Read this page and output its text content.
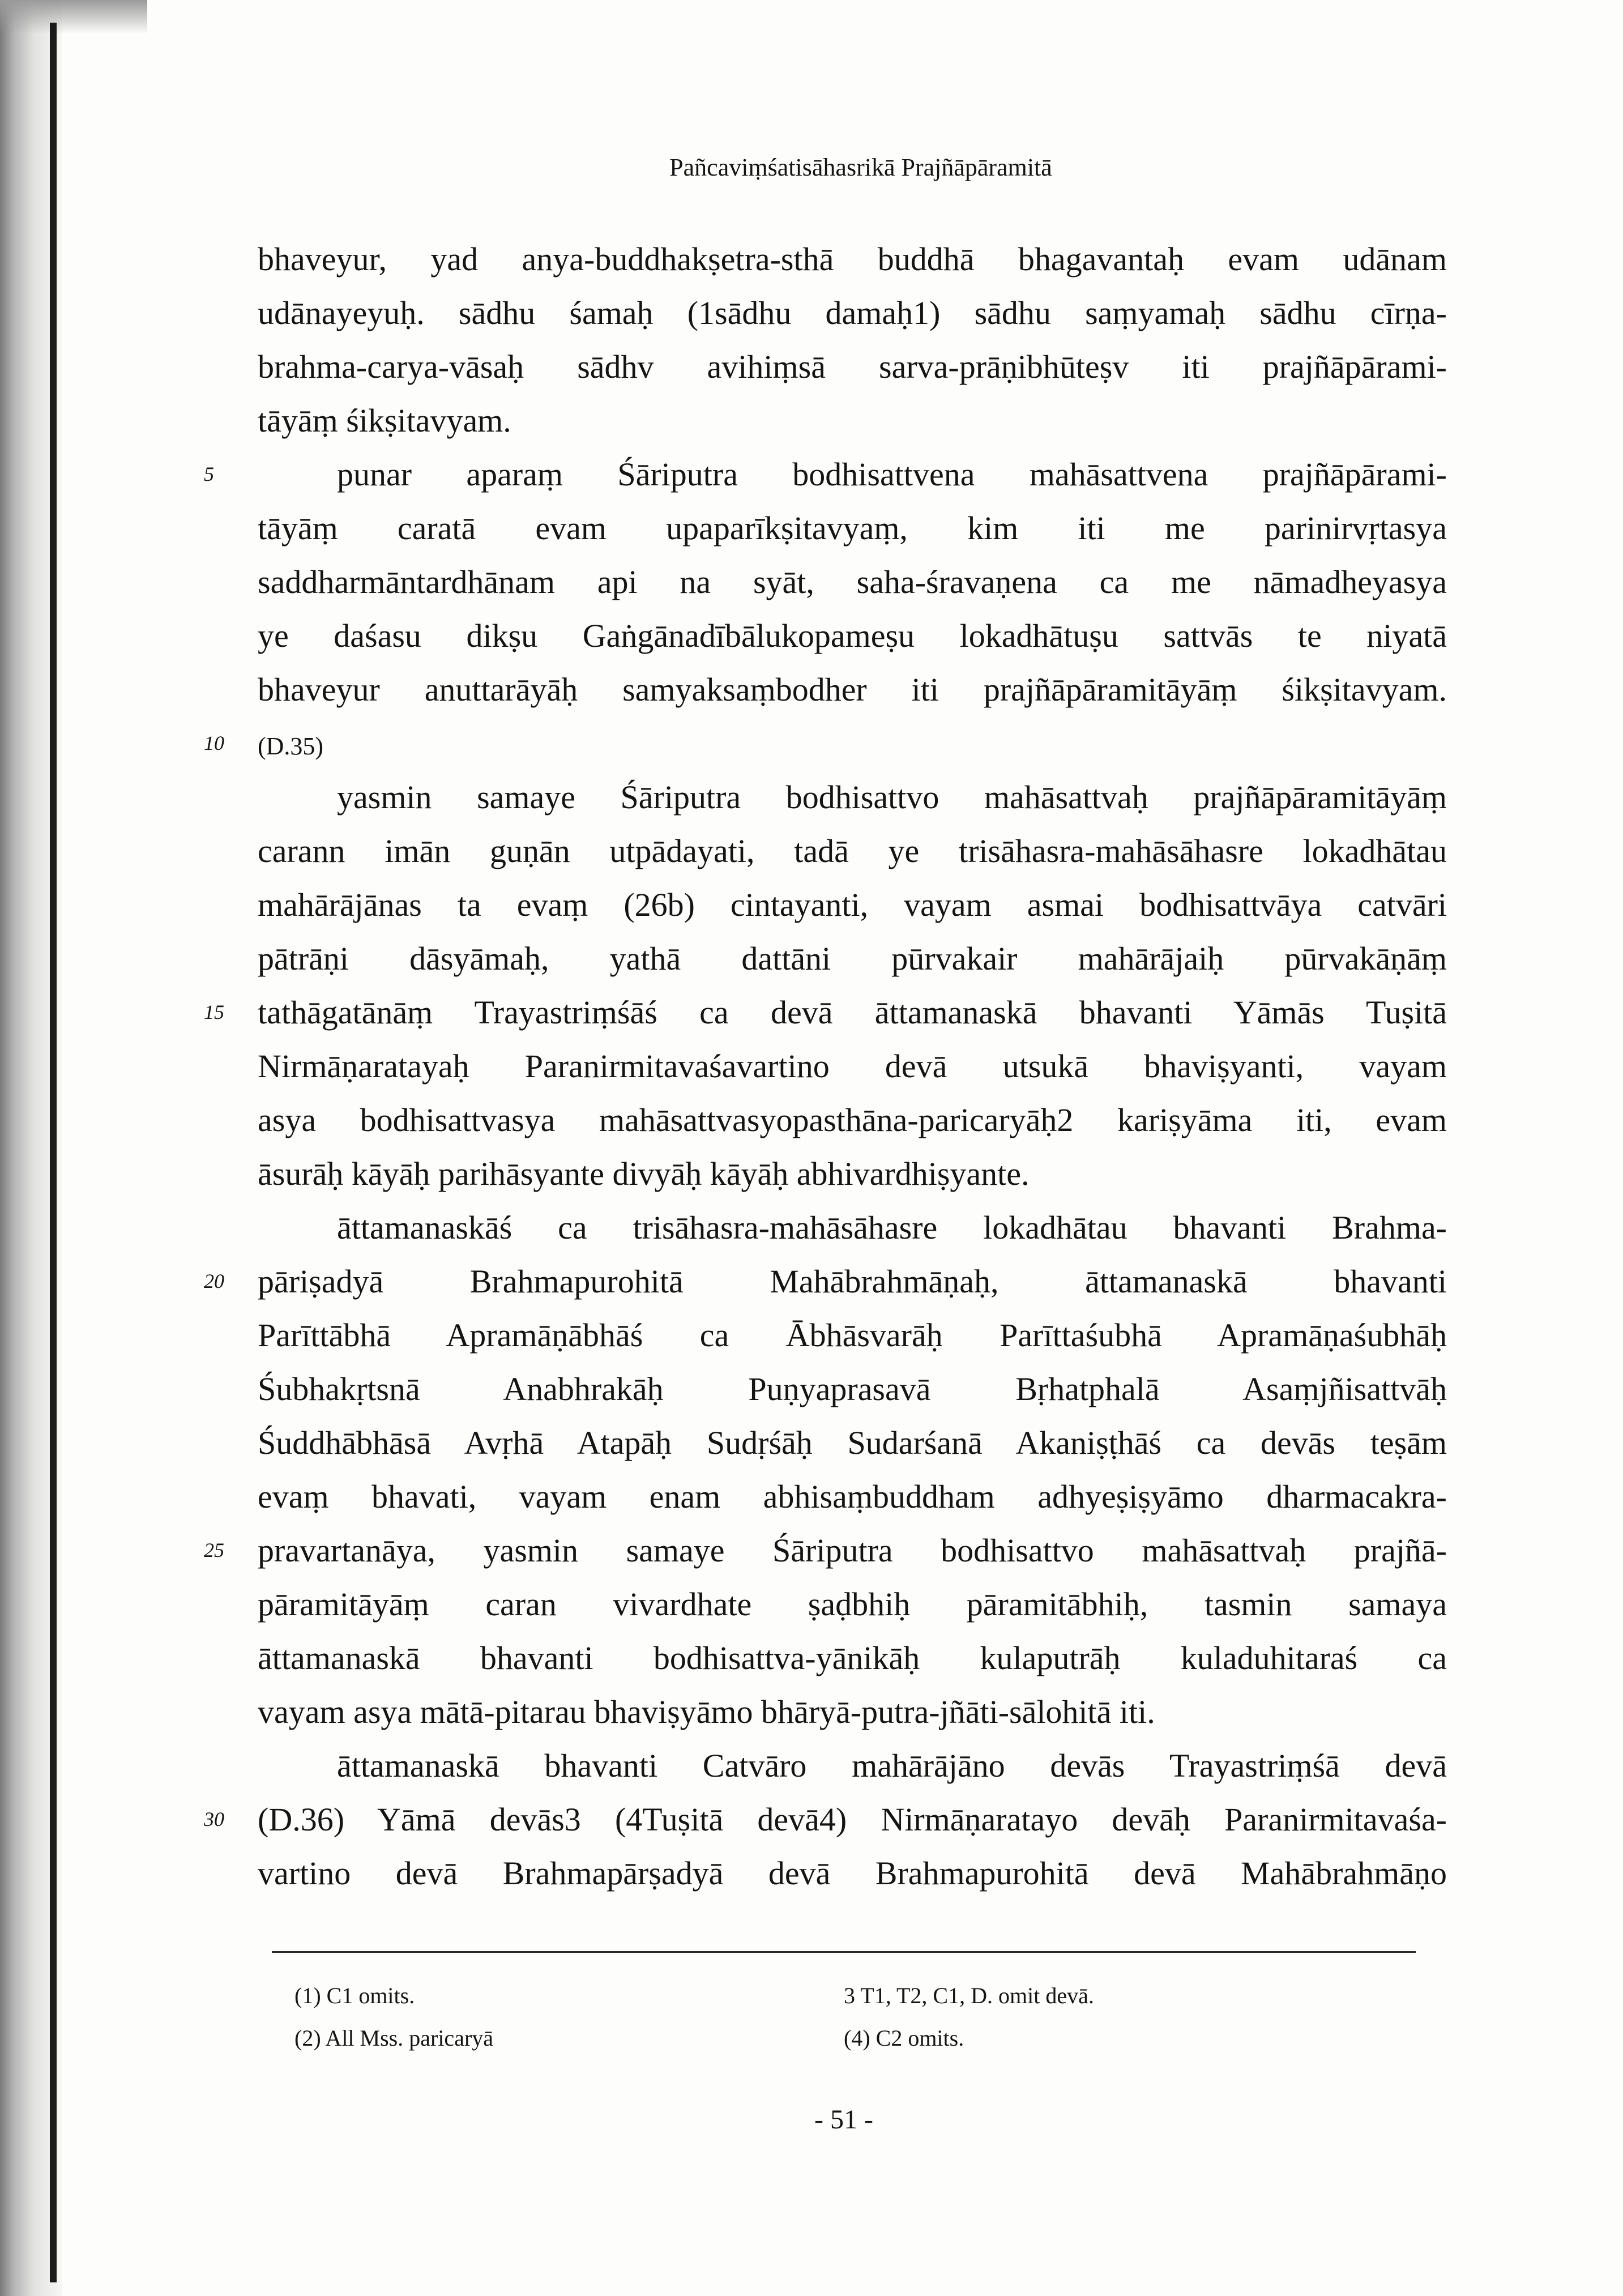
Pañcaviṃśatisāhasrikā Prajñāpāramitā
bhaveyur, yad anya-buddhakṣetra-sthā buddhā bhagavantaḥ evam udānam
udānayeyuḥ. sādhu śamaḥ (1sādhu damaḥ1) sādhu saṃyamaḥ sādhu cīrṇa-
brahma-carya-vāsaḥ sādhv avihiṃsā sarva-prāṇibhūteṣv iti prajñāpārami-
tāyāṃ śikṣitavyam.
5	punar aparaṃ Śāriputra bodhisattvena mahāsattvena prajñāpārami-
tāyāṃ caratā evam upaparīkṣitavyaṃ, kim iti me parinirvṛtasya
saddharmāntardhānam api na syāt, saha-śravaṇena ca me nāmadheyasya
ye daśasu dikṣu Gaṅgānadībālukopameṣu lokadhātuṣu sattvās te niyatā
bhaveyur anuttarāyāḥ samyaksaṃbodher iti prajñāpāramitāyāṃ śikṣitavyam.
10	(D.35)
yasmin samaye Śāriputra bodhisattvo mahāsattvaḥ prajñāpāramitāyāṃ
carann imān guṇān utpādayati, tadā ye trisāhasra-mahāsāhasre lokadhātau
mahārājānas ta evaṃ (26b) cintayanti, vayam asmai bodhisattvāya catvāri
pātrāṇi dāsyāmaḥ, yathā dattāni pūrvakair mahārājaiḥ pūrvakāṇāṃ
15	tathāgatānāṃ Trayastriṃśāś ca devā āttamanaskā bhavanti Yāmās Tuṣitā
Nirmāṇaratayaḥ Paranirmitavaśavartino devā utsukā bhaviṣyanti, vayam
asya bodhisattvasya mahāsattvasyopasthāna-paricaryāḥ2 kariṣyāma iti, evam
āsurāḥ kāyāḥ parihāsyante divyāḥ kāyāḥ abhivardhiṣyante.
āttamanaskāś ca trisāhasra-mahāsāhasre lokadhātau bhavanti Brahma-
20	pāriṣadyā Brahmapurohitā Mahābrahmāṇaḥ, āttamanaskā bhavanti
Parīttābhā Apramāṇābhāś ca Ābhāsvarāḥ Parīttaśubhā Apramāṇaśubhāḥ
Śubhakṛtsnā Anabhrakāḥ Puṇyaprasavā Bṛhatphalā Asaṃjñisattvāḥ
Śuddhābhāsā Avṛhā Atapāḥ Sudṛśāḥ Sudarśanā Akaniṣṭhāś ca devās teṣām
evaṃ bhavati, vayam enam abhisaṃbuddham adhyeṣiṣyāmo dharmacakra-
25	pravartanāya, yasmin samaye Śāriputra bodhisattvo mahāsattvaḥ prajñā-
pāramitāyāṃ caran vivardhate ṣaḍbhiḥ pāramitābhiḥ, tasmin samaya
āttamanaskā bhavanti bodhisattva-yānikāḥ kulaputrāḥ kuladuhitaraś ca
vayam asya mātā-pitarau bhaviṣyāmo bhāryā-putra-jñāti-sālohitā iti.
āttamanaskā bhavanti Catvāro mahārājāno devās Trayastriṃśā devā
30	(D.36) Yāmā devās3 (4Tuṣitā devā4) Nirmāṇaratayo devāḥ Paranirmitavaśa-
vartino devā Brahmapārṣadyā devā Brahmapurohitā devā Mahābrahmāṇo
(1) C1 omits.
(2) All Mss. paricaryā
3 T1, T2, C1, D. omit devā.
(4) C2 omits.
- 51 -
